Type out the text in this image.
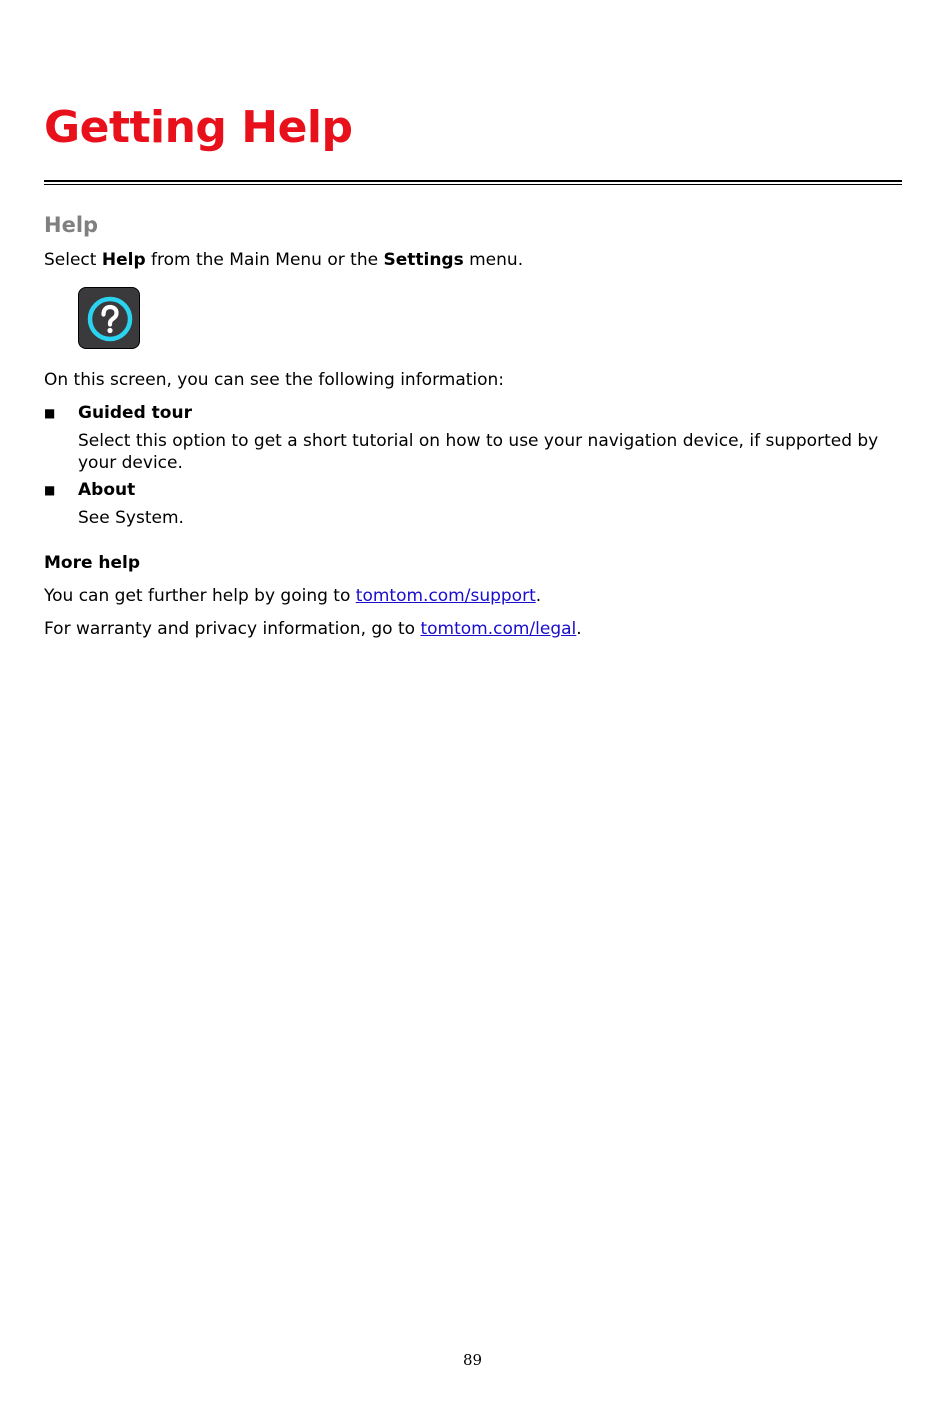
Getting Help
Help

Select Help from the Main Menu or the Settings menu.

On this screen, you can see the following information:

■ Guided tour

Select this option to get a short tutorial on how to use your navigation device, if supported by your device.

■ About

See System.

More help

You can get further help by going to tomtom.com/support.

For warranty and privacy information, go to tomtom.com/legal.

89
